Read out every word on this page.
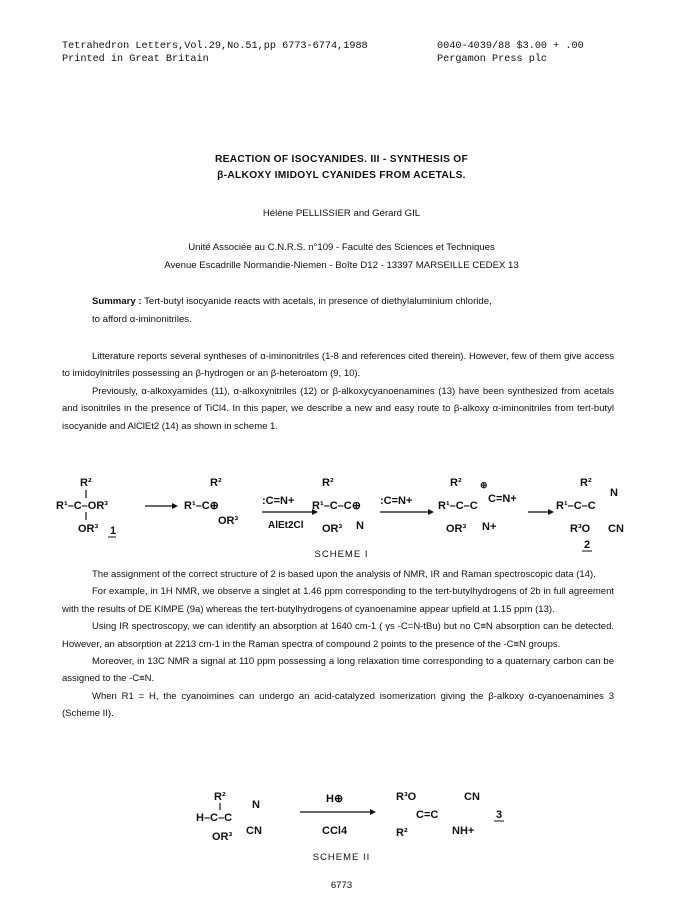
Tetrahedron Letters,Vol.29,No.51,pp 6773-6774,1988
Printed in Great Britain
0040-4039/88 $3.00 + .00
Pergamon Press plc
REACTION OF ISOCYANIDES. III - SYNTHESIS OF
β-ALKOXY IMIDOYL CYANIDES FROM ACETALS.
Hélène PELLISSIER and Gérard GIL
Unité Associée au C.N.R.S. n°109 - Faculté des Sciences et Techniques
Avenue Escadrille Normandie-Niemen - Boîte D12 - 13397 MARSEILLE CEDEX 13
Summary : Tert-butyl isocyanide reacts with acetals, in presence of diethylaluminium chloride,
to afford α-iminonitriles.

Litterature reports several syntheses of α-iminonitriles (1-8 and references cited therein). However, few of them give access to imidoylnitriles possessing an β-hydrogen or an β-heteroatom (9, 10).

Previously, α-alkoxyamides (11), α-alkoxynitriles (12) or β-alkoxycyanoenamines (13) have been synthesized from acetals and isonitriles in the presence of TiCl4. In this paper, we describe a new and easy route to β-alkoxy α-iminonitriles from tert-butyl isocyanide and AlClEt2 (14) as shown in scheme 1.

R²
R¹–C–OR³
OR³ 1
R²
R¹–C⊕
OR³
:C=N+
AlEt2Cl
R²
R¹–C–C⊕
OR³ N
:C=N+
R² ⊕
R¹–C–C
C=N+
OR³ N+
R²
R¹–C–C
N
R³O CN
2
SCHEME I

The assignment of the correct structure of 2 is based upon the analysis of NMR, IR and Raman spectroscopic data (14).

For example, in 1H NMR, we observe a singlet at 1.46 ppm corresponding to the tert-butylhydrogens of 2b in full agreement with the results of DE KIMPE (9a) whereas the tert-butylhydrogens of cyanoenamine appear upfield at 1.15 ppm (13).

Using IR spectroscopy, we can identify an absorption at 1640 cm-1 ( γs -C=N-tBu) but no C≡N absorption can be detected. However, an absorption at 2213 cm-1 in the Raman spectra of compound 2 points to the presence of the -C≡N groups.

Moreover, in 13C NMR a signal at 110 ppm possessing a long relaxation time corresponding to a quaternary carbon can be assigned to the -C≡N.

When R1 = H, the cyanoimines can undergo an acid-catalyzed isomerization giving the β-alkoxy α-cyanoenamines 3 (Scheme II).

R²
H–C–C
N
OR³ CN
H⊕
CCl4
R³O
C=C
CN
R²	NH+
3
SCHEME II
6773
